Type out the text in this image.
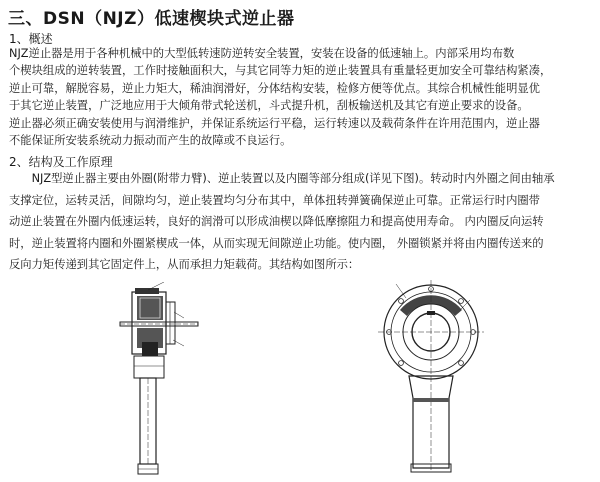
三、DSN（NJZ）低速楔块式逆止器
1、概述

NJZ逆止器是用于各种机械中的大型低转速防逆转安全装置，安装在设备的低速轴上。内部采用均布数

个楔块组成的逆转装置，工作时接触面积大，与其它同等力矩的逆止装置具有重量轻更加安全可靠结构紧凑，

逆止可靠，解脱容易，逆止力矩大，稀油润滑好，分体结构安装，检修方便等优点。其综合机械性能明显优

于其它逆止装置，广泛地应用于大倾角带式轮送机，斗式提升机，刮板输送机及其它有逆止要求的设备。

逆止器必须正确安装使用与润滑维护，并保证系统运行平稳，运行转速以及载荷条件在许用范围内，逆止器

不能保证所安装系统动力振动而产生的故障或不良运行。

2、结构及工作原理

　　NJZ型逆止器主要由外圈(附带力臂)、逆止装置以及内圈等部分组成(详见下图)。转动时内外圈之间由轴承

支撑定位，运转灵活，间隙均匀，逆止装置均匀分布其中，单体扭转弹簧确保逆止可靠。正常运行时内圈带

动逆止装置在外圈内低速运转，良好的润滑可以形成油楔以降低摩擦阻力和提高使用寿命。 内内圈反向运转

时，逆止装置将内圈和外圈紧楔成一体，从而实现无间隙逆止功能。使内圈， 外圈锁紧并将由内圈传送来的

反向力矩传递到其它固定件上，从而承担力矩载荷。其结构如图所示：
